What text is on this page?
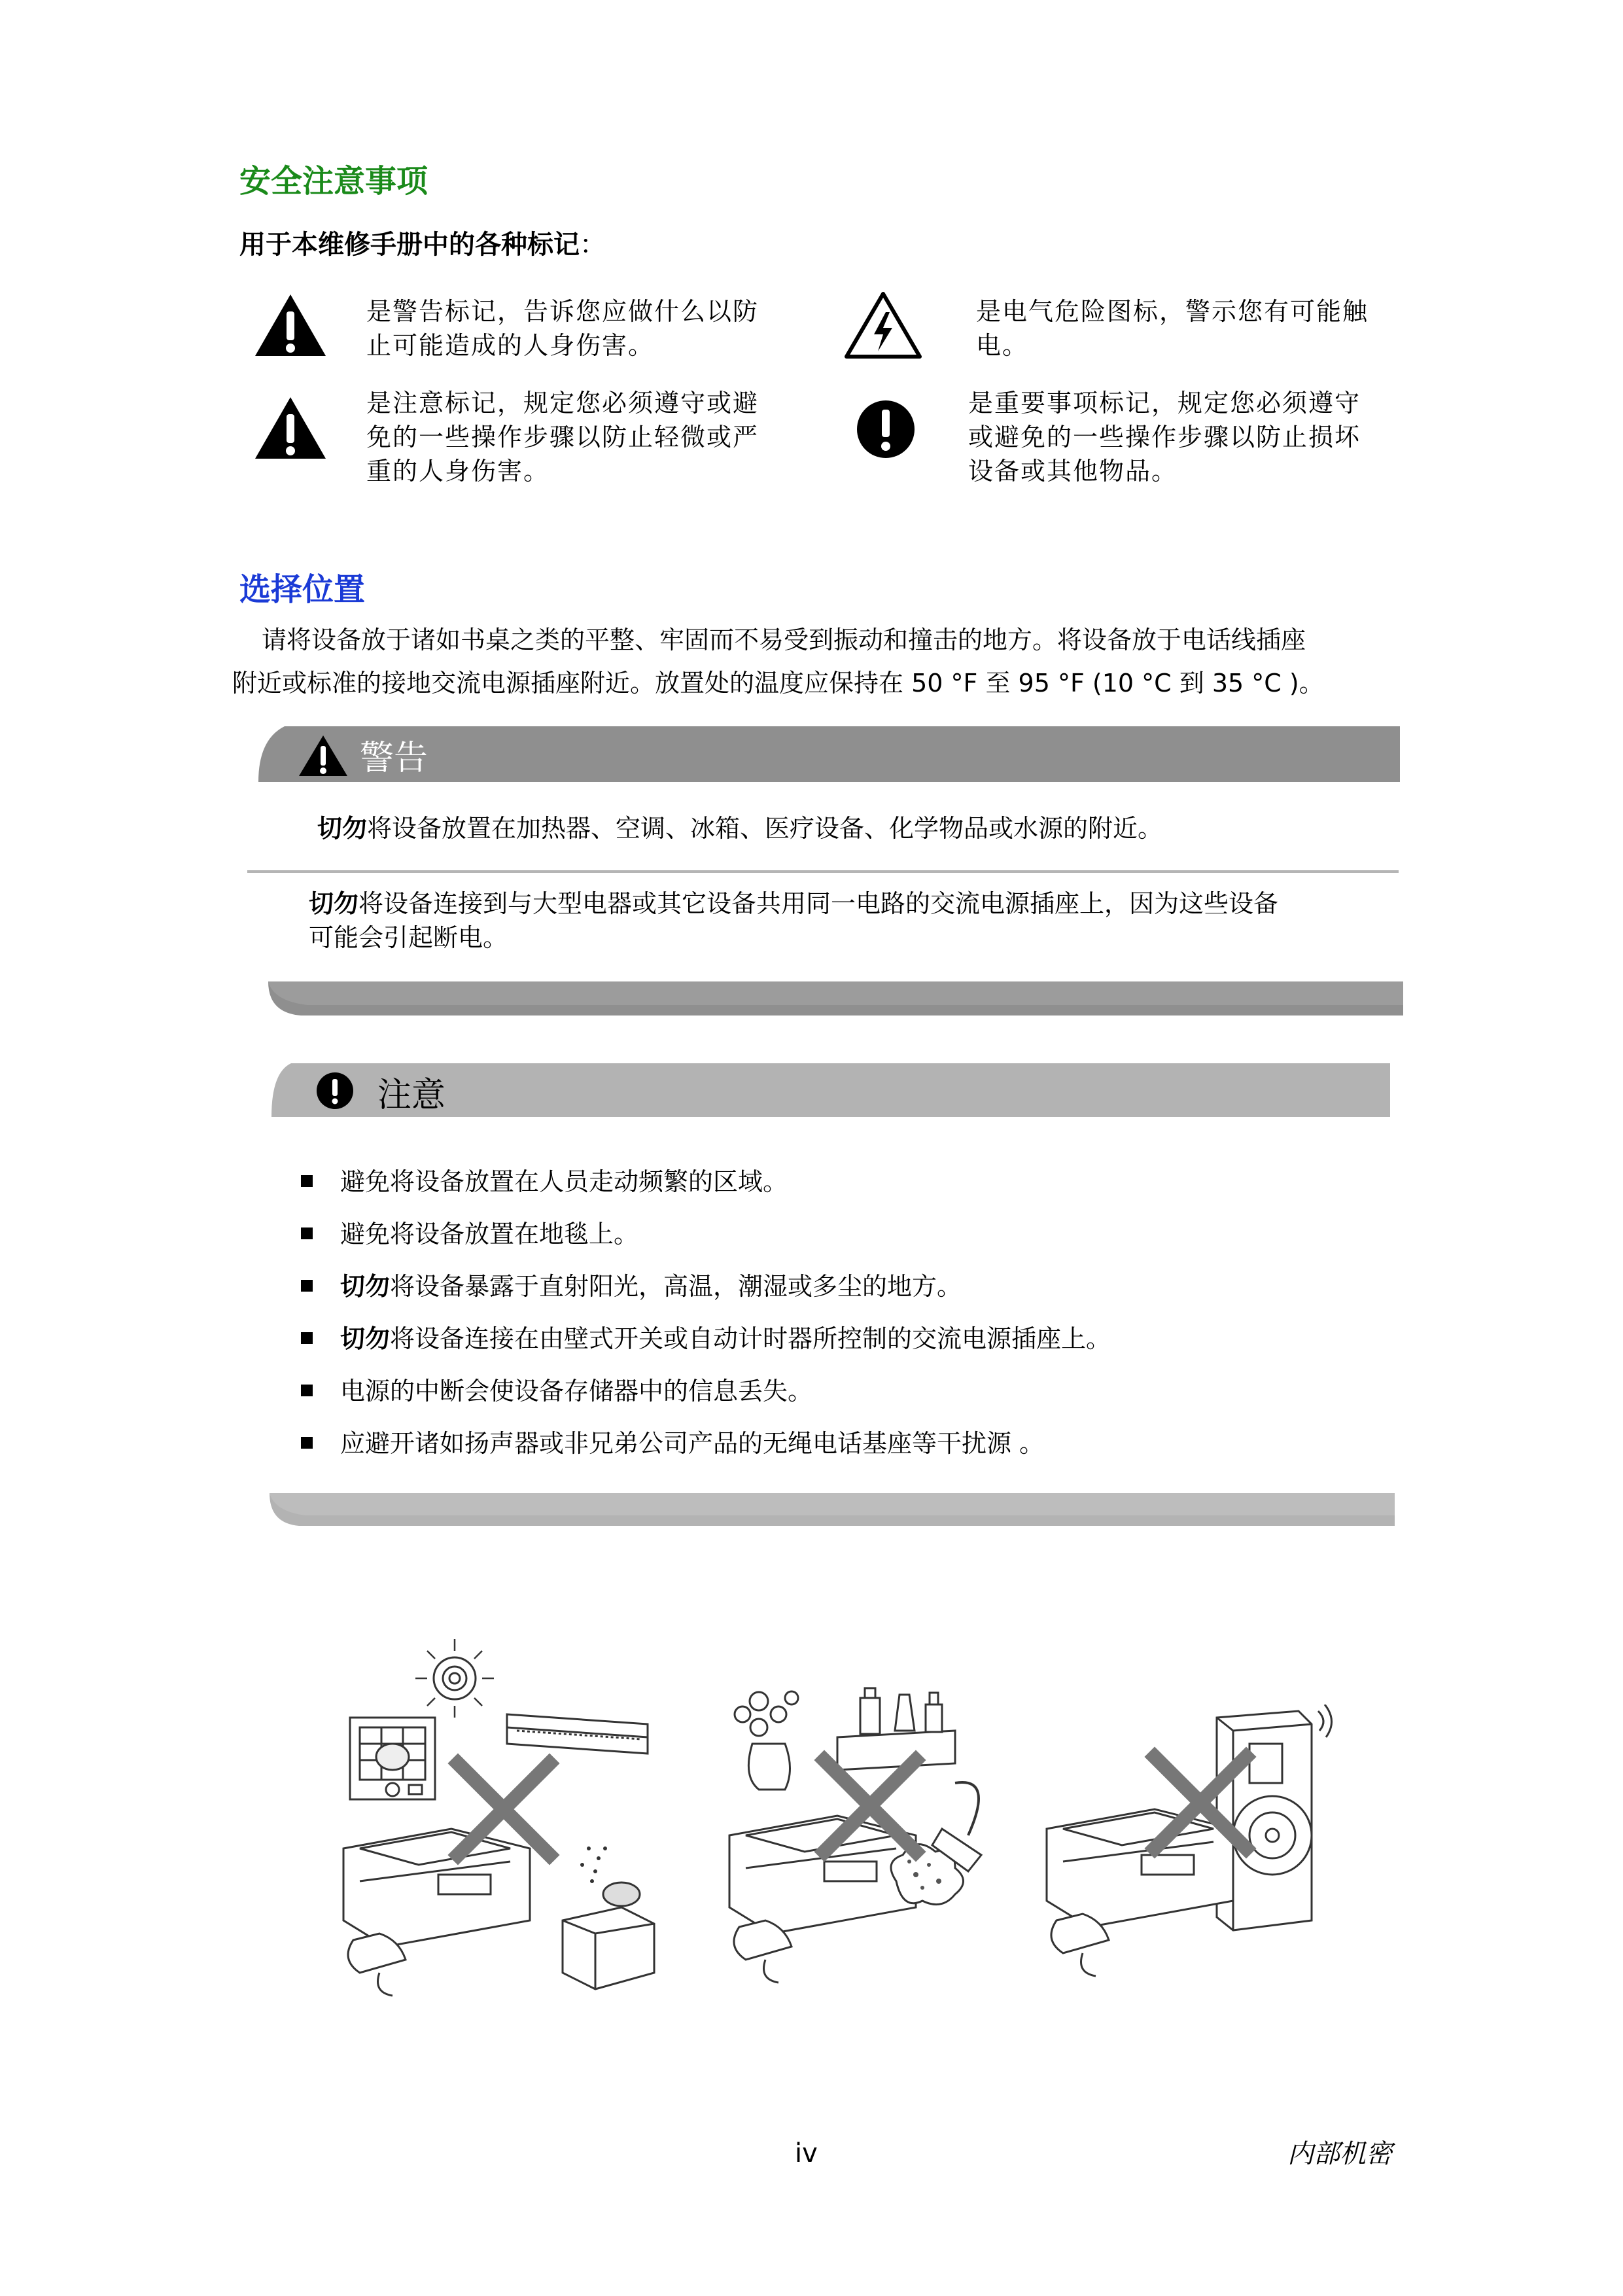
安全注意事项
用于本维修手册中的各种标记：
是警告标记，告诉您应做什么以防
止可能造成的人身伤害。
是电气危险图标，警示您有可能触
电。
是注意标记，规定您必须遵守或避
免的一些操作步骤以防止轻微或严
重的人身伤害。
是重要事项标记，规定您必须遵守
或避免的一些操作步骤以防止损坏
设备或其他物品。
选择位置
请将设备放于诸如书桌之类的平整、牢固而不易受到振动和撞击的地方。将设备放于电话线插座
附近或标准的接地交流电源插座附近。放置处的温度应保持在 50 °F 至 95 °F (10 °C 到 35 °C )。
警告
切勿将设备放置在加热器、空调、冰箱、医疗设备、化学物品或水源的附近。
切勿将设备连接到与大型电器或其它设备共用同一电路的交流电源插座上，因为这些设备
可能会引起断电。
注意
避免将设备放置在人员走动频繁的区域。
避免将设备放置在地毯上。
切勿将设备暴露于直射阳光，高温，潮湿或多尘的地方。
切勿将设备连接在由壁式开关或自动计时器所控制的交流电源插座上。
电源的中断会使设备存储器中的信息丢失。
应避开诸如扬声器或非兄弟公司产品的无绳电话基座等干扰源 。
iv	内部机密
